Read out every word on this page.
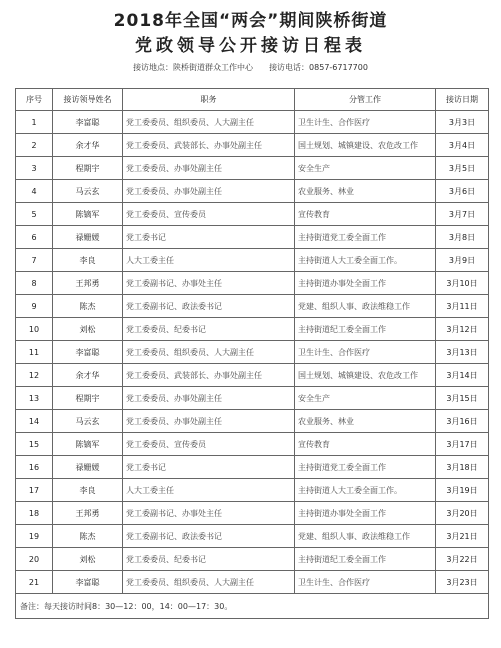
2018年全国“两会”期间陕桥街道
党政领导公开接访日程表
接访地点：陕桥街道群众工作中心 接访电话：0857-6717700
序号	接访领导姓名	职务	分管工作	接访日期
1	李富聪	党工委委员、组织委员、人大副主任	卫生计生、合作医疗	3月3日
2	余才华	党工委委员、武装部长、办事处副主任	国土规划、城镇建设、农危改工作	3月4日
3	程期宇	党工委委员、办事处副主任	安全生产	3月5日
4	马云玄	党工委委员、办事处副主任	农业服务、林业	3月6日
5	陈镝军	党工委委员、宣传委员	宣传教育	3月7日
6	禄姗媛	党工委书记	主持街道党工委全面工作	3月8日
7	李良	人大工委主任	主持街道人大工委全面工作。	3月9日
8	王邦勇	党工委副书记、办事处主任	主持街道办事处全面工作	3月10日
9	陈杰	党工委副书记、政法委书记	党建、组织人事、政法维稳工作	3月11日
10	刘松	党工委委员、纪委书记	主持街道纪工委全面工作	3月12日
11	李富聪	党工委委员、组织委员、人大副主任	卫生计生、合作医疗	3月13日
12	余才华	党工委委员、武装部长、办事处副主任	国土规划、城镇建设、农危改工作	3月14日
13	程期宇	党工委委员、办事处副主任	安全生产	3月15日
14	马云玄	党工委委员、办事处副主任	农业服务、林业	3月16日
15	陈镝军	党工委委员、宣传委员	宣传教育	3月17日
16	禄姗媛	党工委书记	主持街道党工委全面工作	3月18日
17	李良	人大工委主任	主持街道人大工委全面工作。	3月19日
18	王邦勇	党工委副书记、办事处主任	主持街道办事处全面工作	3月20日
19	陈杰	党工委副书记、政法委书记	党建、组织人事、政法维稳工作	3月21日
20	刘松	党工委委员、纪委书记	主持街道纪工委全面工作	3月22日
21	李富聪	党工委委员、组织委员、人大副主任	卫生计生、合作医疗	3月23日
备注：每天接访时间8：30—12：00，14：00—17：30。				
